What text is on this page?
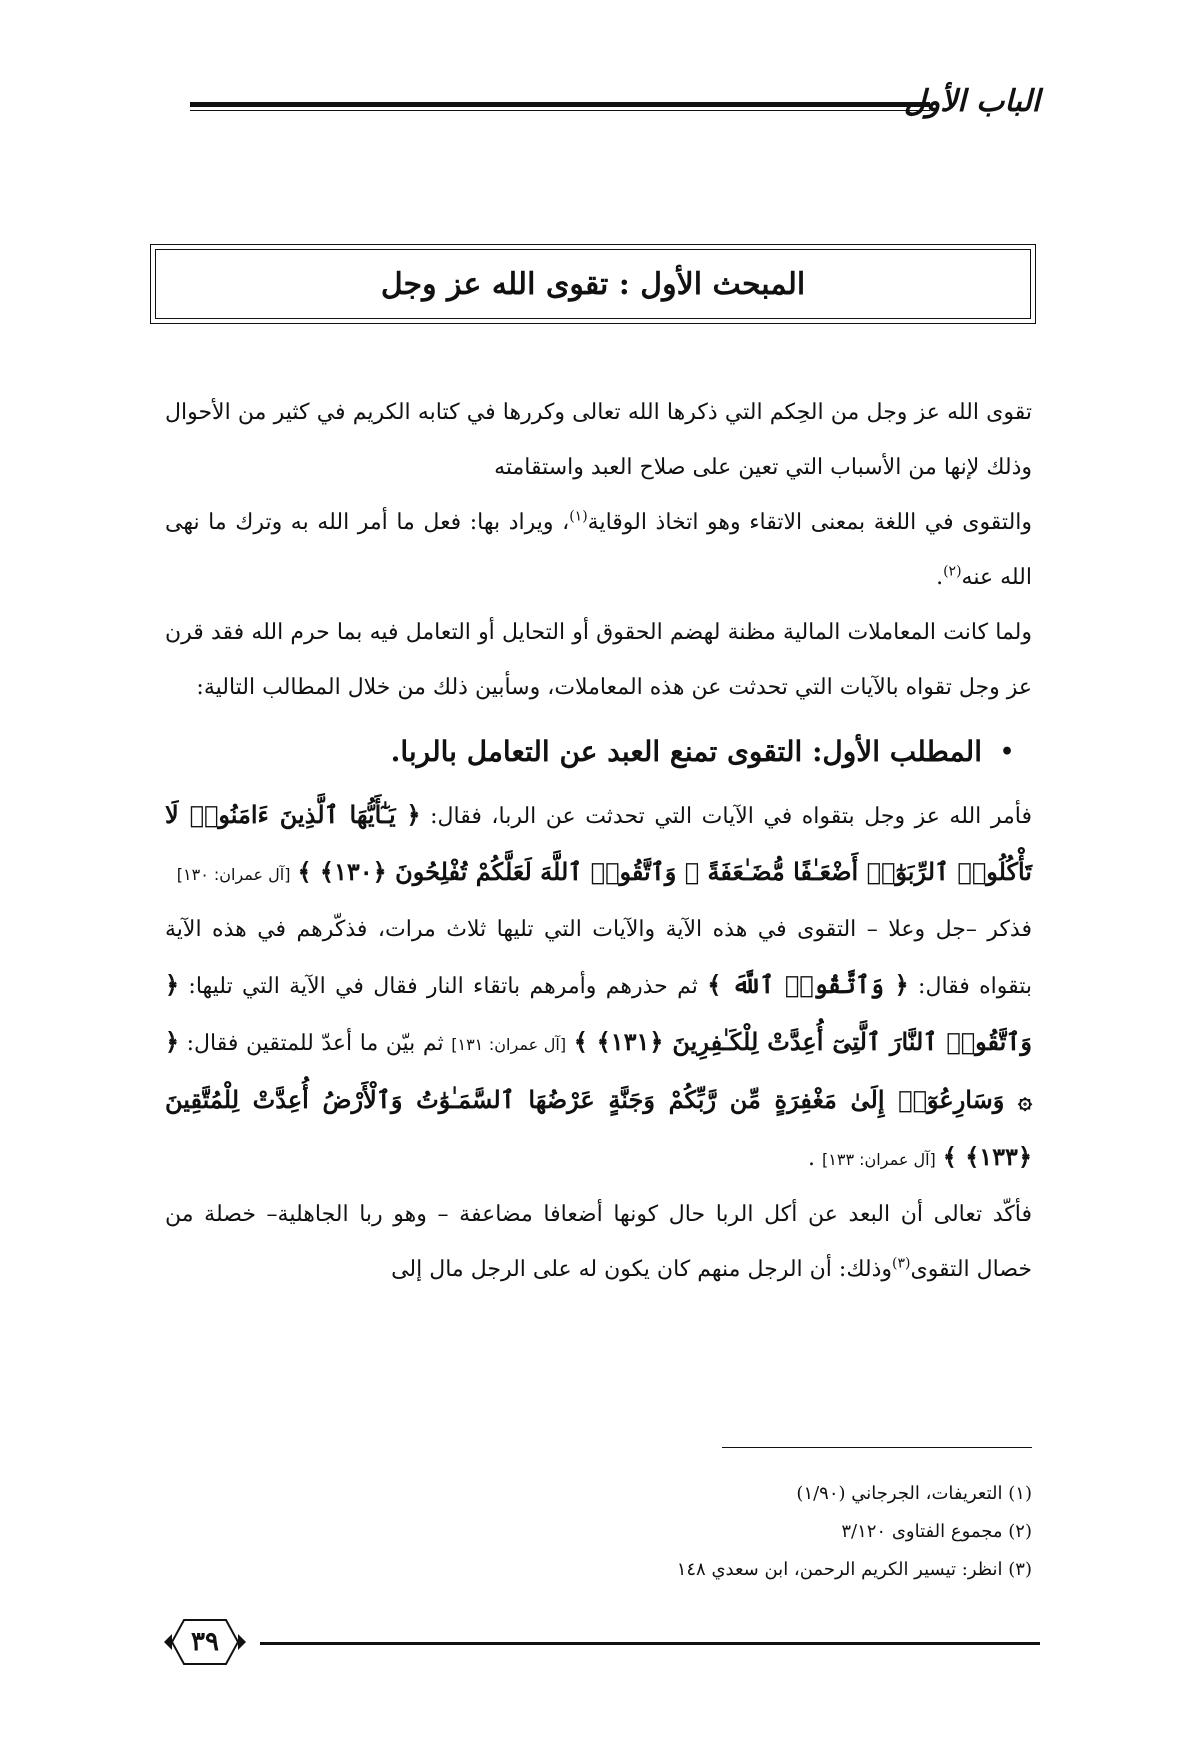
الباب الأول
المبحث الأول : تقوى الله عز وجل

تقوى الله عز وجل من الحِكم التي ذكرها الله تعالى وكررها في كتابه الكريم في كثير من الأحوال وذلك لإنها من الأسباب التي تعين على صلاح العبد واستقامته

والتقوى في اللغة بمعنى الاتقاء وهو اتخاذ الوقاية$^{(١)}$، ويراد بها: فعل ما أمر الله به وترك ما نهى الله عنه$^{(٢)}$.

ولما كانت المعاملات المالية مظنة لهضم الحقوق أو التحايل أو التعامل فيه بما حرم الله فقد قرن عز وجل تقواه بالآيات التي تحدثت عن هذه المعاملات، وسأبين ذلك من خلال المطالب التالية:

•
المطلب الأول: التقوى تمنع العبد عن التعامل بالربا.

فأمر الله عز وجل بتقواه في الآيات التي تحدثت عن الربا، فقال: ﴿ يَـٰٓأَيُّهَا ٱلَّذِينَ ءَامَنُوا۟ لَا تَأْكُلُوا۟ ٱلرِّبَوٰٓا۟ أَضْعَـٰفًا مُّضَـٰعَفَةً ۖ وَٱتَّقُوا۟ ٱللَّهَ لَعَلَّكُمْ تُفْلِحُونَ ﴿١٣٠﴾ ﴾ [آل عمران: ١٣٠]

فذكر –جل وعلا – التقوى في هذه الآية والآيات التي تليها ثلاث مرات، فذكّرهم في هذه الآية بتقواه فقال: ﴿ وَٱتَّقُوا۟ ٱللَّهَ ﴾ ثم حذرهم وأمرهم باتقاء النار فقال في الآية التي تليها: ﴿ وَٱتَّقُوا۟ ٱلنَّارَ ٱلَّتِىٓ أُعِدَّتْ لِلْكَـٰفِرِينَ ﴿١٣١﴾ ﴾ [آل عمران: ١٣١] ثم بيّن ما أعدّ للمتقين فقال: ﴿ ۞ وَسَارِعُوٓا۟ إِلَىٰ مَغْفِرَةٍ مِّن رَّبِّكُمْ وَجَنَّةٍ عَرْضُهَا ٱلسَّمَـٰوَٰتُ وَٱلْأَرْضُ أُعِدَّتْ لِلْمُتَّقِينَ ﴿١٣٣﴾ ﴾ [آل عمران: ١٣٣] .

فأكّد تعالى أن البعد عن أكل الربا حال كونها أضعافا مضاعفة – وهو ربا الجاهلية– خصلة من خصال التقوى$^{(٣)}$وذلك: أن الرجل منهم كان يكون له على الرجل مال إلى

(١) التعريفات، الجرجاني (١/٩٠)

(٢) مجموع الفتاوى ٣/١٢٠

(٣) انظر: تيسير الكريم الرحمن، ابن سعدي ١٤٨

٣٩
